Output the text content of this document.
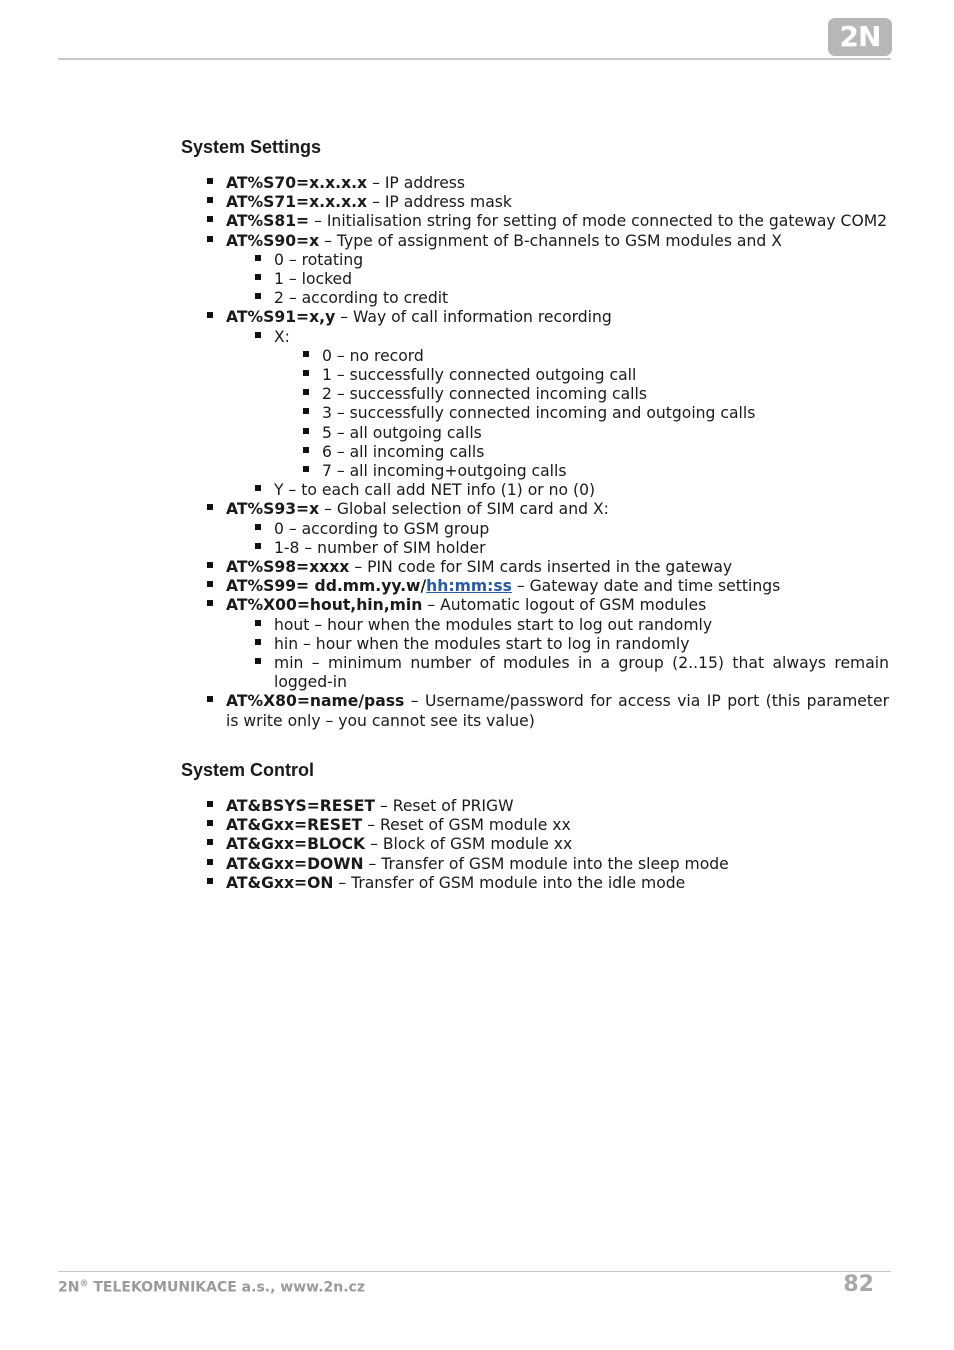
2N
System Settings
AT%S70=x.x.x.x – IP address
AT%S71=x.x.x.x – IP address mask
AT%S81= – Initialisation string for setting of mode connected to the gateway COM2
AT%S90=x – Type of assignment of B-channels to GSM modules and X
0 – rotating
1 – locked
2 – according to credit
AT%S91=x,y – Way of call information recording
X:
0 – no record
1 – successfully connected outgoing call
2 – successfully connected incoming calls
3 – successfully connected incoming and outgoing calls
5 – all outgoing calls
6 – all incoming calls
7 – all incoming+outgoing calls
Y – to each call add NET info (1) or no (0)
AT%S93=x – Global selection of SIM card and X:
0 – according to GSM group
1-8 – number of SIM holder
AT%S98=xxxx – PIN code for SIM cards inserted in the gateway
AT%S99= dd.mm.yy.w/hh:mm:ss – Gateway date and time settings
AT%X00=hout,hin,min – Automatic logout of GSM modules
hout – hour when the modules start to log out randomly
hin – hour when the modules start to log in randomly
min – minimum number of modules in a group (2..15) that always remain logged-in
AT%X80=name/pass – Username/password for access via IP port (this parameter is write only – you cannot see its value)
System Control
AT&BSYS=RESET – Reset of PRIGW
AT&Gxx=RESET – Reset of GSM module xx
AT&Gxx=BLOCK – Block of GSM module xx
AT&Gxx=DOWN – Transfer of GSM module into the sleep mode
AT&Gxx=ON – Transfer of GSM module into the idle mode
2N® TELEKOMUNIKACE a.s., www.2n.cz	82
